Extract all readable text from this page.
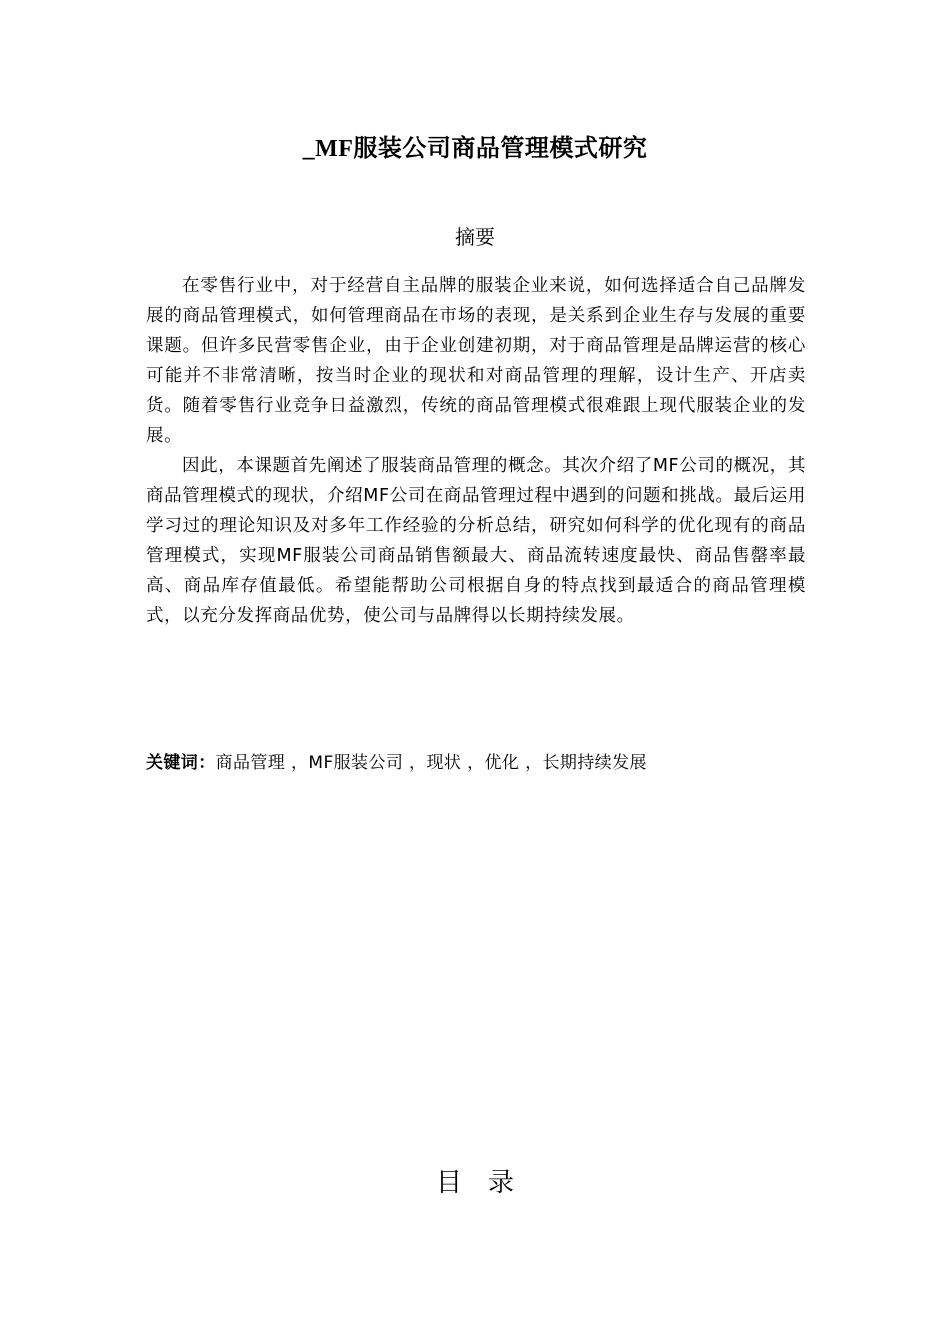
_MF服装公司商品管理模式研究
摘要

在零售行业中，对于经营自主品牌的服装企业来说，如何选择适合自己品牌发展的商品管理模式，如何管理商品在市场的表现，是关系到企业生存与发展的重要课题。但许多民营零售企业，由于企业创建初期，对于商品管理是品牌运营的核心可能并不非常清晰，按当时企业的现状和对商品管理的理解，设计生产、开店卖货。随着零售行业竞争日益激烈，传统的商品管理模式很难跟上现代服装企业的发展。

因此，本课题首先阐述了服装商品管理的概念。其次介绍了MF公司的概况，其商品管理模式的现状，介绍MF公司在商品管理过程中遇到的问题和挑战。最后运用学习过的理论知识及对多年工作经验的分析总结，研究如何科学的优化现有的商品管理模式，实现MF服装公司商品销售额最大、商品流转速度最快、商品售罄率最高、商品库存值最低。希望能帮助公司根据自身的特点找到最适合的商品管理模式，以充分发挥商品优势，使公司与品牌得以长期持续发展。

关键词：商品管理 ，MF服装公司 ，现状 ，优化 ，长期持续发展
目录
